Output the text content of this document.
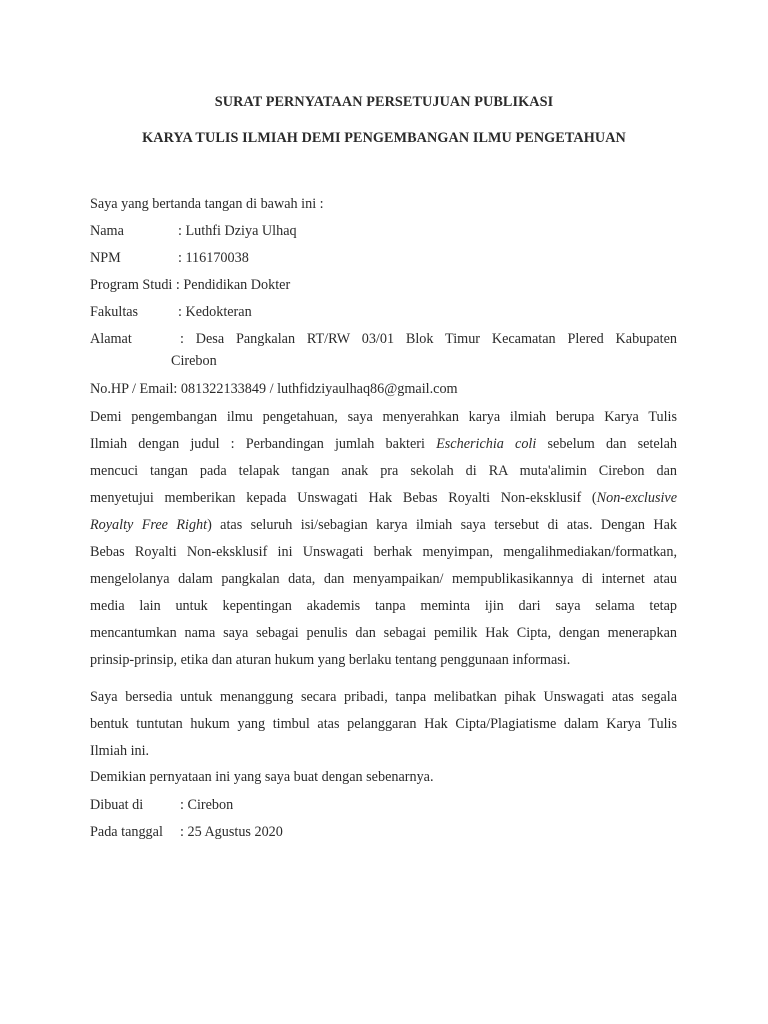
SURAT PERNYATAAN PERSETUJUAN PUBLIKASI
KARYA TULIS ILMIAH DEMI PENGEMBANGAN ILMU PENGETAHUAN
Saya yang bertanda tangan di bawah ini :
Nama	: Luthfi Dziya Ulhaq
NPM	: 116170038
Program Studi : Pendidikan Dokter
Fakultas	: Kedokteran
Alamat	: Desa Pangkalan RT/RW 03/01 Blok Timur Kecamatan Plered Kabupaten
Cirebon
No.HP / Email: 081322133849 / luthfidziyaulhaq86@gmail.com
Demi pengembangan ilmu pengetahuan, saya menyerahkan karya ilmiah berupa Karya Tulis
Ilmiah dengan judul : Perbandingan jumlah bakteri Escherichia coli sebelum dan setelah
mencuci tangan pada telapak tangan anak pra sekolah di RA muta'alimin Cirebon dan
menyetujui memberikan kepada Unswagati Hak Bebas Royalti Non-eksklusif (Non-exclusive
Royalty Free Right) atas seluruh isi/sebagian karya ilmiah saya tersebut di atas. Dengan Hak
Bebas Royalti Non-eksklusif ini Unswagati berhak menyimpan, mengalihmediakan/formatkan,
mengelolanya dalam pangkalan data, dan menyampaikan/ mempublikasikannya di internet atau
media lain untuk kepentingan akademis tanpa meminta ijin dari saya selama tetap
mencantumkan nama saya sebagai penulis dan sebagai pemilik Hak Cipta, dengan menerapkan
prinsip-prinsip, etika dan aturan hukum yang berlaku tentang penggunaan informasi.
Saya bersedia untuk menanggung secara pribadi, tanpa melibatkan pihak Unswagati atas segala
bentuk tuntutan hukum yang timbul atas pelanggaran Hak Cipta/Plagiatisme dalam Karya Tulis
Ilmiah ini.
Demikian pernyataan ini yang saya buat dengan sebenarnya.
Dibuat di	: Cirebon
Pada tanggal : 25 Agustus 2020
